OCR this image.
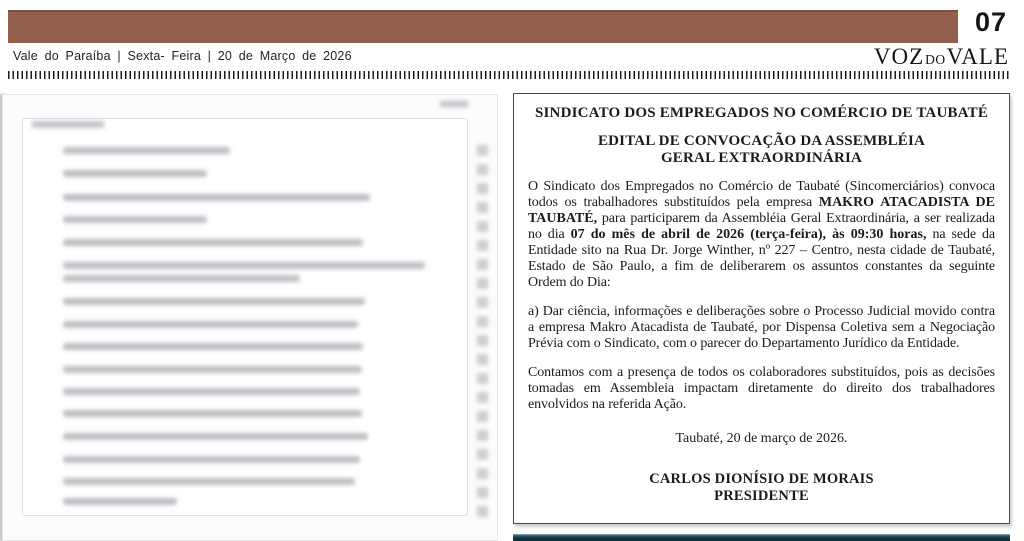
07
Vale do Paraíba | Sexta- Feira | 20 de Março de 2026	VOZDOVALE
SINDICATO DOS EMPREGADOS NO COMÉRCIO DE TAUBATÉ
EDITAL DE CONVOCAÇÃO DA ASSEMBLÉIA GERAL EXTRAORDINÁRIA

O Sindicato dos Empregados no Comércio de Taubaté (Sincomerciários) convoca todos os trabalhadores substituídos pela empresa MAKRO ATACADISTA DE TAUBATÉ, para participarem da Assembléia Geral Extraordinária, a ser realizada no dia 07 do mês de abril de 2026 (terça-feira), às 09:30 horas, na sede da Entidade sito na Rua Dr. Jorge Winther, nº 227 – Centro, nesta cidade de Taubaté, Estado de São Paulo, a fim de deliberarem os assuntos constantes da seguinte Ordem do Dia:

a) Dar ciência, informações e deliberações sobre o Processo Judicial movido contra a empresa Makro Atacadista de Taubaté, por Dispensa Coletiva sem a Negociação Prévia com o Sindicato, com o parecer do Departamento Jurídico da Entidade.

Contamos com a presença de todos os colaboradores substituídos, pois as decisões tomadas em Assembleia impactam diretamente do direito dos trabalhadores envolvidos na referida Ação.

Taubaté, 20 de março de 2026.

CARLOS DIONÍSIO DE MORAIS
PRESIDENTE
